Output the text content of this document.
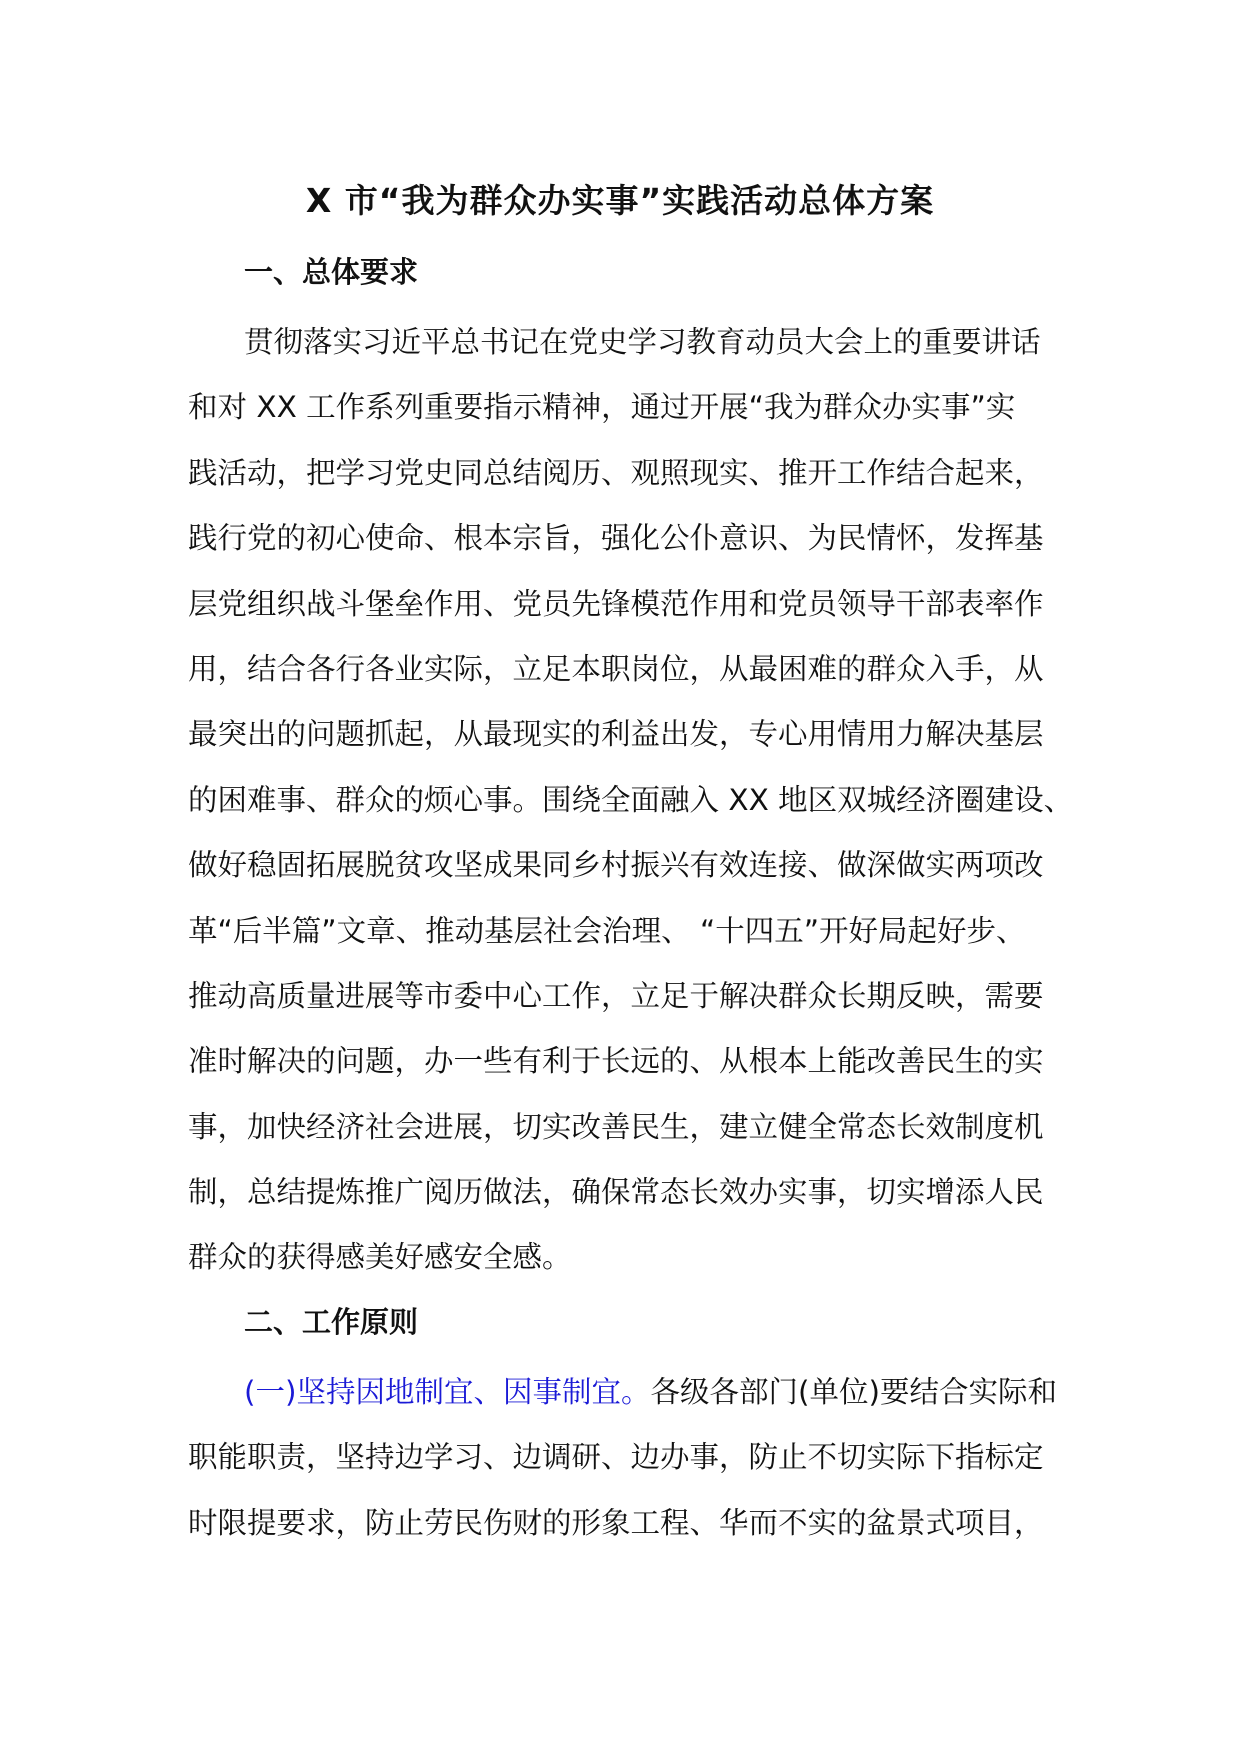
X 市“我为群众办实事”实践活动总体方案
一、总体要求
贯彻落实习近平总书记在党史学习教育动员大会上的重要讲话
和对 XX 工作系列重要指示精神，通过开展“我为群众办实事”实
践活动，把学习党史同总结阅历、观照现实、推开工作结合起来，
践行党的初心使命、根本宗旨，强化公仆意识、为民情怀，发挥基
层党组织战斗堡垒作用、党员先锋模范作用和党员领导干部表率作
用，结合各行各业实际，立足本职岗位，从最困难的群众入手，从
最突出的问题抓起，从最现实的利益出发，专心用情用力解决基层
的困难事、群众的烦心事。围绕全面融入 XX 地区双城经济圈建设、
做好稳固拓展脱贫攻坚成果同乡村振兴有效连接、做深做实两项改
革“后半篇”文章、推动基层社会治理、 “十四五”开好局起好步、
推动高质量进展等市委中心工作，立足于解决群众长期反映，需要
准时解决的问题，办一些有利于长远的、从根本上能改善民生的实
事，加快经济社会进展，切实改善民生，建立健全常态长效制度机
制，总结提炼推广阅历做法，确保常态长效办实事，切实增添人民
群众的获得感美好感安全感。
二、工作原则
(一)坚持因地制宜、因事制宜。各级各部门(单位)要结合实际和
职能职责，坚持边学习、边调研、边办事，防止不切实际下指标定
时限提要求，防止劳民伤财的形象工程、华而不实的盆景式项目，
